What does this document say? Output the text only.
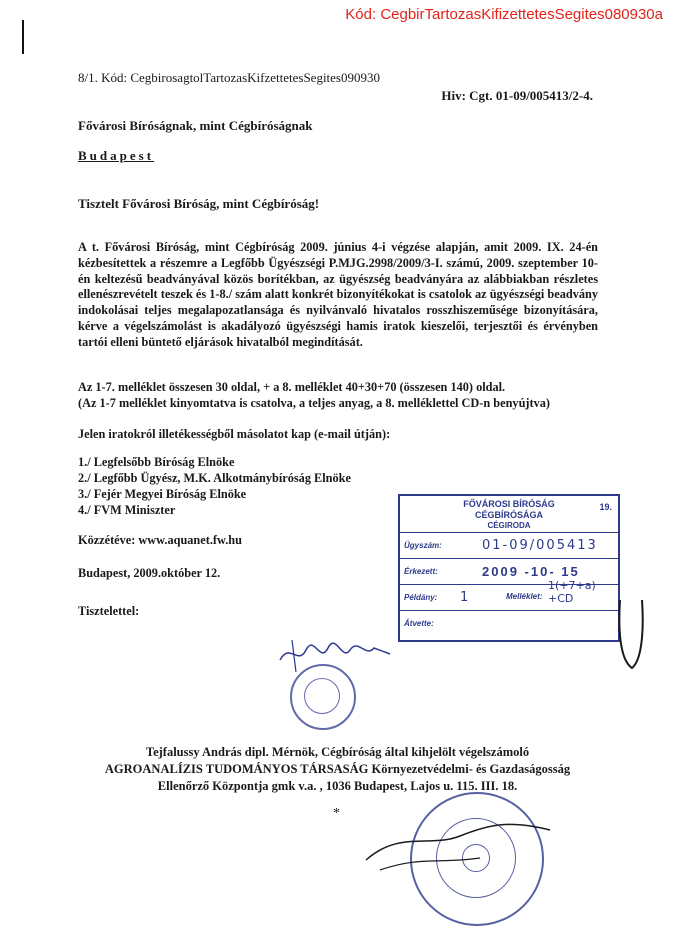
Kód: CegbirTartozasKifizettetesSegites080930a
8/1. Kód: CegbirosagtolTartozasKifzettetesSegites090930
Hiv: Cgt. 01-09/005413/2-4.
Fővárosi Bíróságnak, mint Cégbíróságnak
Budapest
Tisztelt Fővárosi Bíróság, mint Cégbíróság!
A t. Fővárosi Bíróság, mint Cégbíróság 2009. június 4-i végzése alapján, amit 2009. IX. 24-én kézbesítettek a részemre a Legfőbb Ügyészségi P.MJG.2998/2009/3-I. számú, 2009. szeptember 10-én keltezésű beadványával közös borítékban, az ügyészség beadványára az alábbiakban részletes ellenészrevételt teszek és 1-8./ szám alatt konkrét bizonyítékokat is csatolok az ügyészségi beadvány indokolásai teljes megalapozatlansága és nyilvánvaló hivatalos rosszhiszeműsége bizonyítására, kérve a végelszámolást is akadályozó ügyészségi hamis iratok kieszelői, terjesztői és érvényben tartói elleni büntető eljárások hivatalból megindítását.
Az 1-7. melléklet összesen 30 oldal, + a 8. melléklet 40+30+70 (összesen 140) oldal.
(Az 1-7 melléklet kinyomtatva is csatolva, a teljes anyag, a 8. melléklettel CD-n benyújtva)
Jelen iratokról illetékességből másolatot kap (e-mail útján):
1./ Legfelsőbb Bíróság Elnöke
2./ Legfőbb Ügyész, M.K. Alkotmánybíróság Elnöke
3./ Fejér Megyei Bíróság Elnöke
4./ FVM Miniszter
Közzétéve: www.aquanet.fw.hu
Budapest, 2009.október 12.
Tisztelettel:
FŐVÁROSI BÍRÓSÁG	19.
CÉGBÍRÓSÁGA
CÉGIRODA
Ügyszám:	01-09/005413
Érkezett:	2009 -10- 15
Példány: 1	Melléklet:
1(+7+a) +CD
Átvette:
Tejfalussy András dipl. Mérnök, Cégbíróság által kihjelölt végelszámoló
AGROANALÍZIS TUDOMÁNYOS TÁRSASÁG Környezetvédelmi- és Gazdaságosság
Ellenőrző Központja gmk v.a. , 1036 Budapest, Lajos u. 115. III. 18.
*
